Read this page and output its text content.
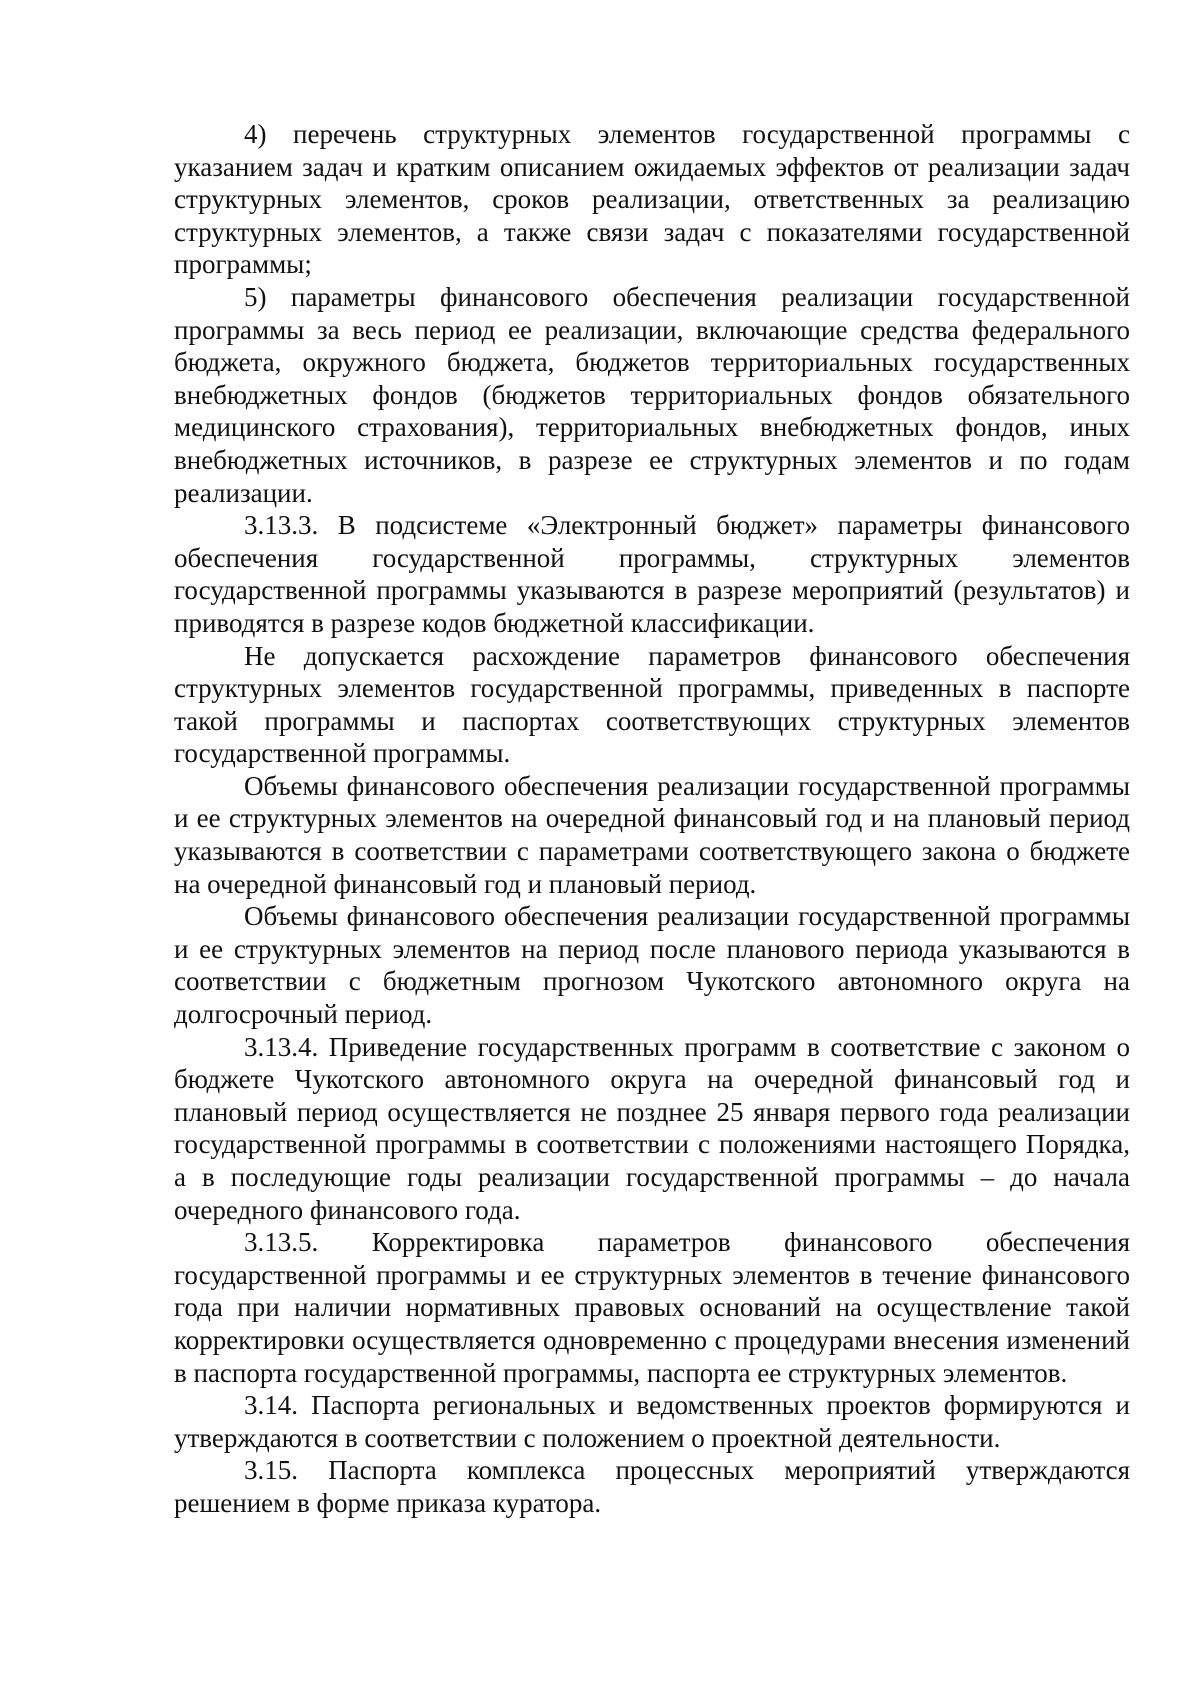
4) перечень структурных элементов государственной программы с указанием задач и кратким описанием ожидаемых эффектов от реализации задач структурных элементов, сроков реализации, ответственных за реализацию структурных элементов, а также связи задач с показателями государственной программы;

5) параметры финансового обеспечения реализации государственной программы за весь период ее реализации, включающие средства федерального бюджета, окружного бюджета, бюджетов территориальных государственных внебюджетных фондов (бюджетов территориальных фондов обязательного медицинского страхования), территориальных внебюджетных фондов, иных внебюджетных источников, в разрезе ее структурных элементов и по годам реализации.

3.13.3. В подсистеме «Электронный бюджет» параметры финансового обеспечения государственной программы, структурных элементов государственной программы указываются в разрезе мероприятий (результатов) и приводятся в разрезе кодов бюджетной классификации.

Не допускается расхождение параметров финансового обеспечения структурных элементов государственной программы, приведенных в паспорте такой программы и паспортах соответствующих структурных элементов государственной программы.

Объемы финансового обеспечения реализации государственной программы и ее структурных элементов на очередной финансовый год и на плановый период указываются в соответствии с параметрами соответствующего закона о бюджете на очередной финансовый год и плановый период.

Объемы финансового обеспечения реализации государственной программы и ее структурных элементов на период после планового периода указываются в соответствии с бюджетным прогнозом Чукотского автономного округа на долгосрочный период.

3.13.4. Приведение государственных программ в соответствие с законом о бюджете Чукотского автономного округа на очередной финансовый год и плановый период осуществляется не позднее 25 января первого года реализации государственной программы в соответствии с положениями настоящего Порядка, а в последующие годы реализации государственной программы – до начала очередного финансового года.

3.13.5. Корректировка параметров финансового обеспечения государственной программы и ее структурных элементов в течение финансового года при наличии нормативных правовых оснований на осуществление такой корректировки осуществляется одновременно с процедурами внесения изменений в паспорта государственной программы, паспорта ее структурных элементов.

3.14. Паспорта региональных и ведомственных проектов формируются и утверждаются в соответствии с положением о проектной деятельности.

3.15. Паспорта комплекса процессных мероприятий утверждаются решением в форме приказа куратора.
